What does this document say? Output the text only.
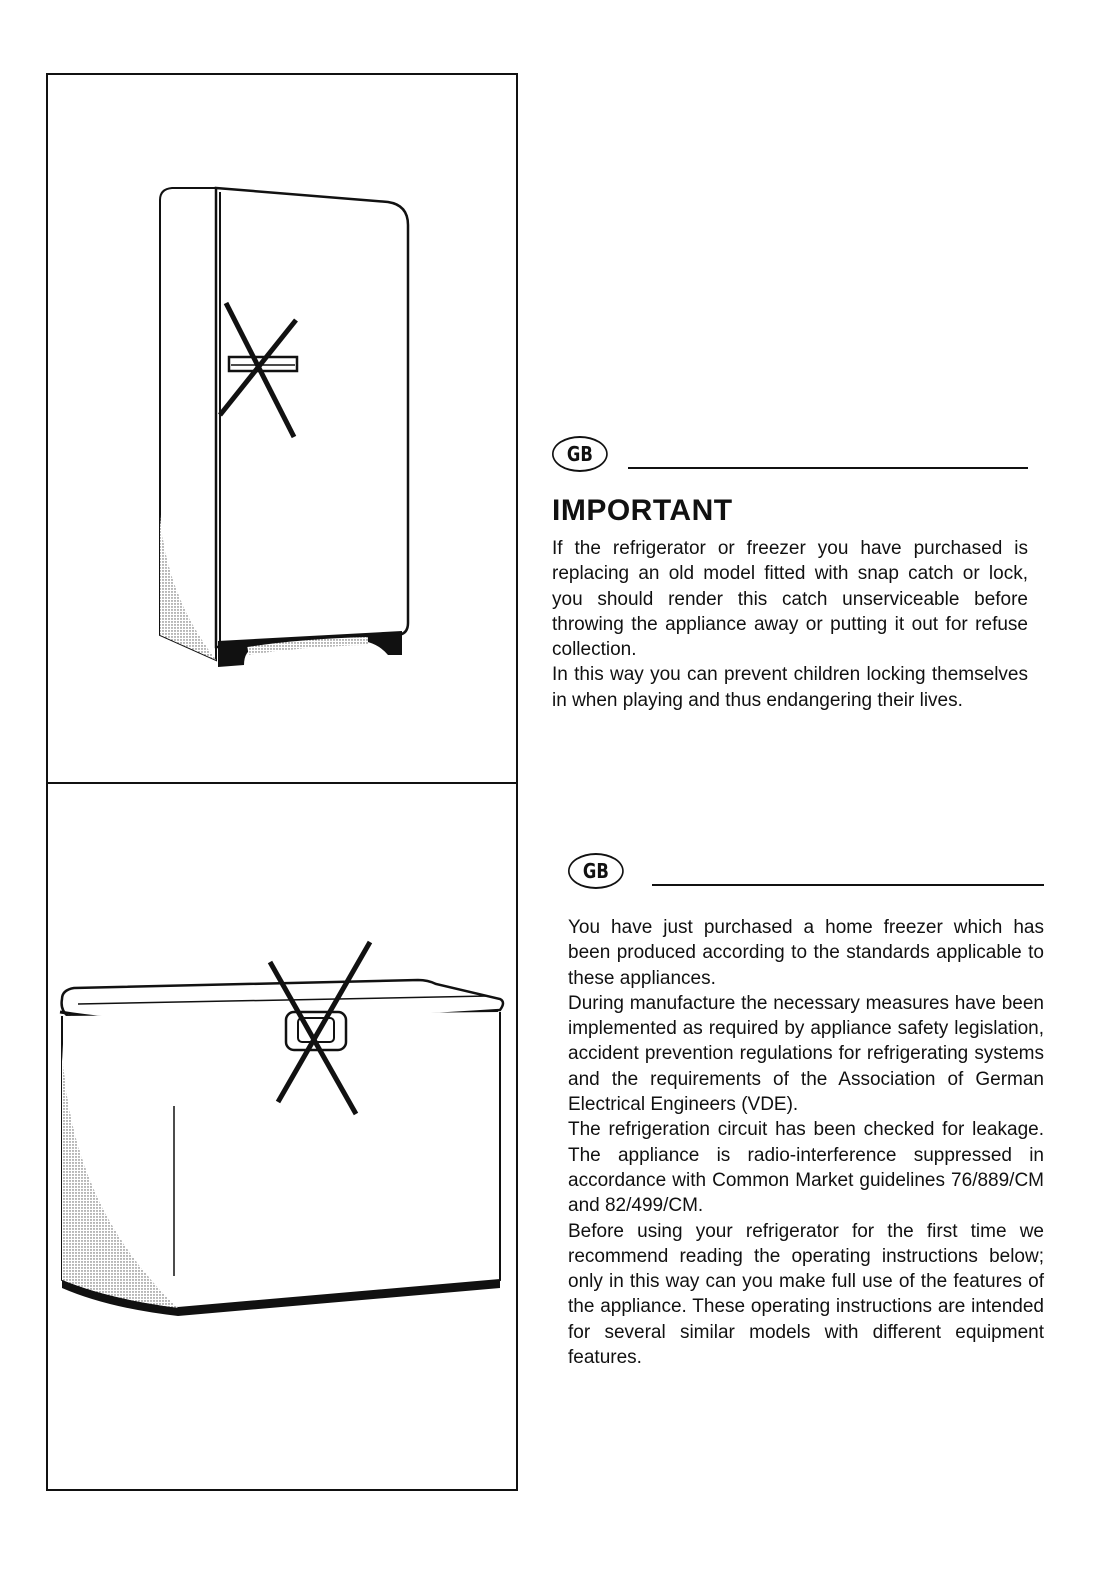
GB
IMPORTANT

If the refrigerator or freezer you have purchased is replacing an old model fitted with snap catch or lock, you should render this catch unserviceable before throwing the appliance away or putting it out for refuse collection.

In this way you can prevent children locking themselves in when playing and thus endangering their lives.

GB

You have just purchased a home freezer which has been produced according to the standards applicable to these appliances.

During manufacture the necessary measures have been implemented as required by appliance safety legislation, accident prevention regulations for refrigerating systems and the requirements of the Association of German Electrical Engineers (VDE).

The refrigeration circuit has been checked for leakage. The appliance is radio-interference suppressed in accordance with Common Market guidelines 76/889/CM and 82/499/CM.

Before using your refrigerator for the first time we recommend reading the operating instructions below; only in this way can you make full use of the features of the appliance. These operating instructions are intended for several similar models with different equipment features.
